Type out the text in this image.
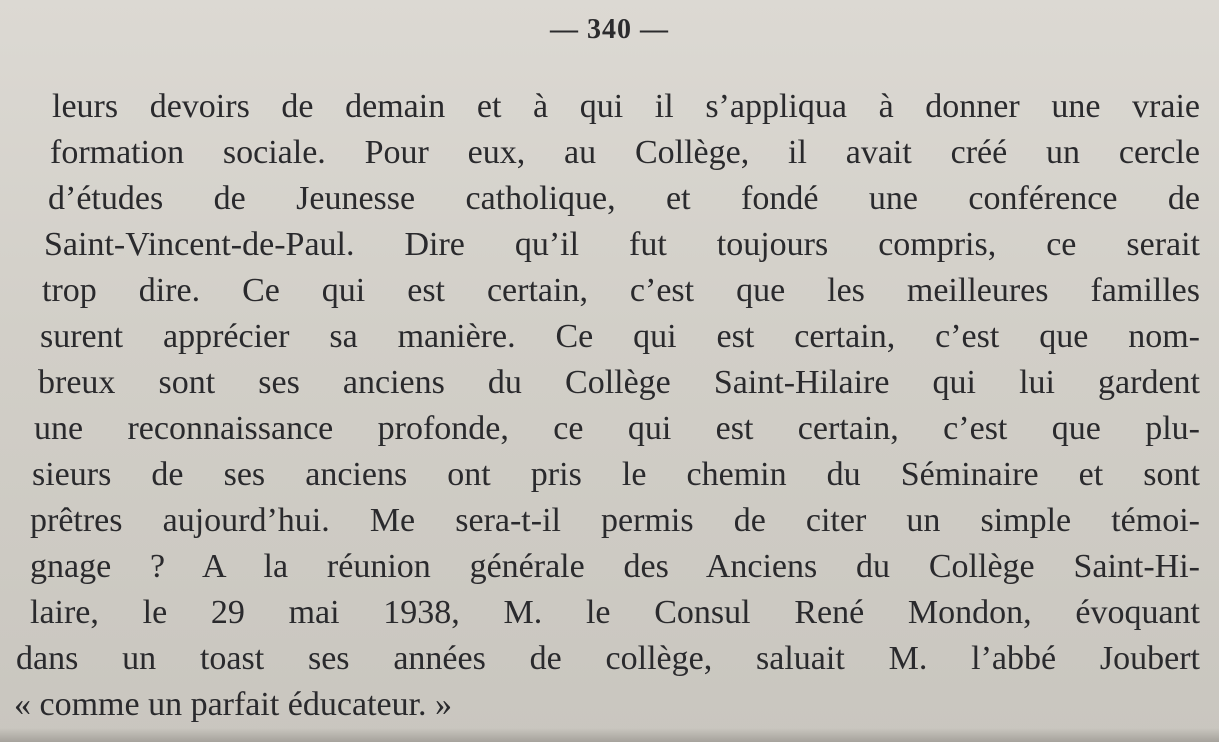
— 340 —
leurs devoirs de demain et à qui il s’appliqua à donner une vraie
formation sociale. Pour eux, au Collège, il avait créé un cercle
d’études de Jeunesse catholique, et fondé une conférence de
Saint-Vincent-de-Paul. Dire qu’il fut toujours compris, ce serait
trop dire. Ce qui est certain, c’est que les meilleures familles
surent apprécier sa manière. Ce qui est certain, c’est que nom-
breux sont ses anciens du Collège Saint-Hilaire qui lui gardent
une reconnaissance profonde, ce qui est certain, c’est que plu-
sieurs de ses anciens ont pris le chemin du Séminaire et sont
prêtres aujourd’hui. Me sera-t-il permis de citer un simple témoi-
gnage ? A la réunion générale des Anciens du Collège Saint-Hi-
laire, le 29 mai 1938, M. le Consul René Mondon, évoquant
dans un toast ses années de collège, saluait M. l’abbé Joubert
« comme un parfait éducateur. »
